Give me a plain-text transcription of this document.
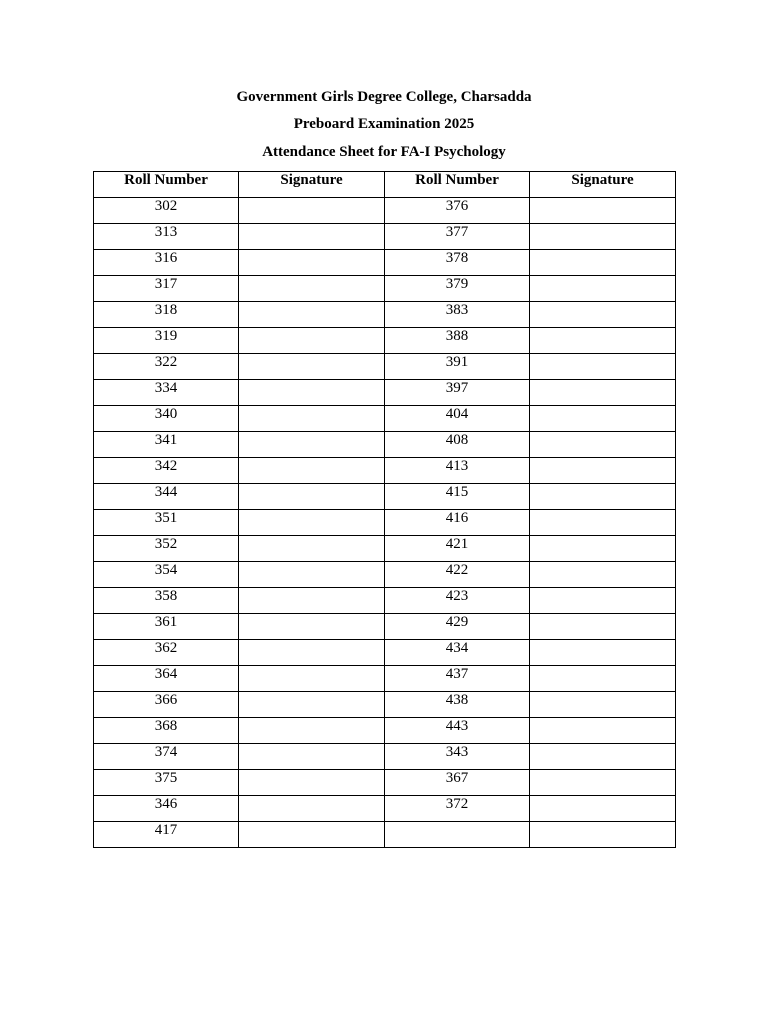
Government Girls Degree College, Charsadda
Preboard Examination 2025
Attendance Sheet for FA-I Psychology
Roll Number	Signature	Roll Number	Signature
302		376	
313		377	
316		378	
317		379	
318		383	
319		388	
322		391	
334		397	
340		404	
341		408	
342		413	
344		415	
351		416	
352		421	
354		422	
358		423	
361		429	
362		434	
364		437	
366		438	
368		443	
374		343	
375		367	
346		372	
417			
